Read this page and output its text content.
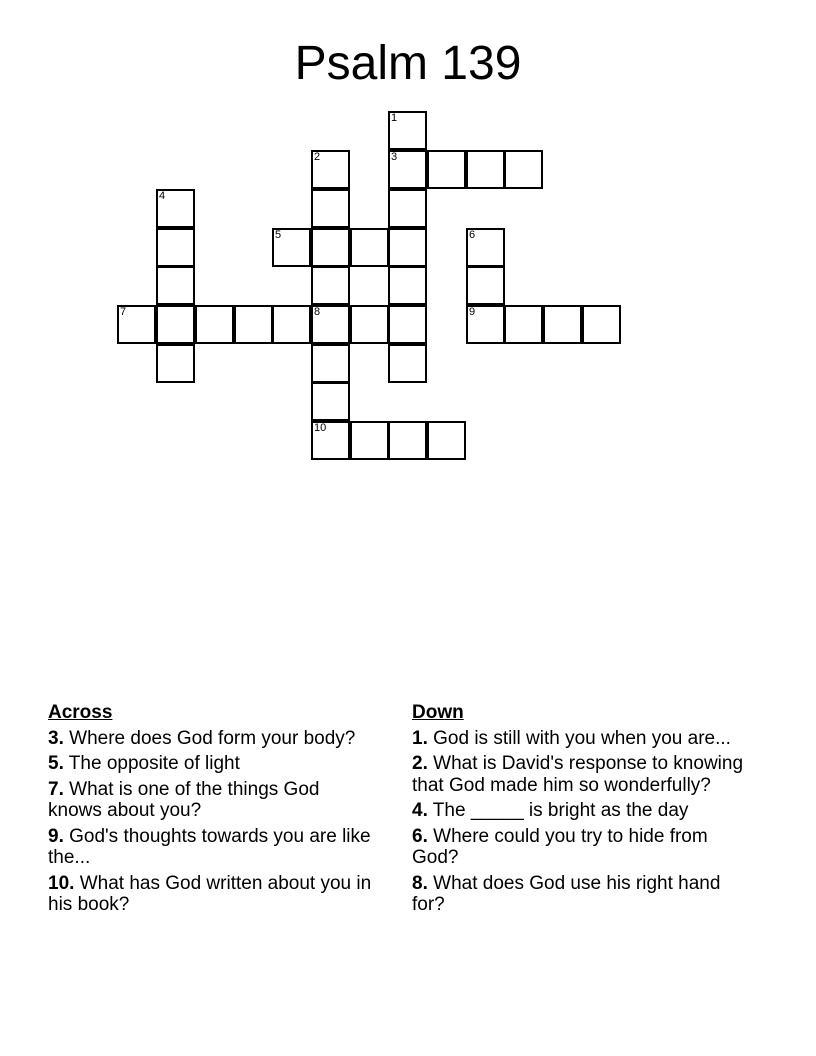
Psalm 139
1
2	3
4
5	6
7	8	9
10
Across
3. Where does God form your body?
5. The opposite of light
7. What is one of the things God knows about you?
9. God's thoughts towards you are like the...
10. What has God written about you in his book?
Down
1. God is still with you when you are...
2. What is David's response to knowing that God made him so wonderfully?
4. The _____ is bright as the day
6. Where could you try to hide from God?
8. What does God use his right hand for?
